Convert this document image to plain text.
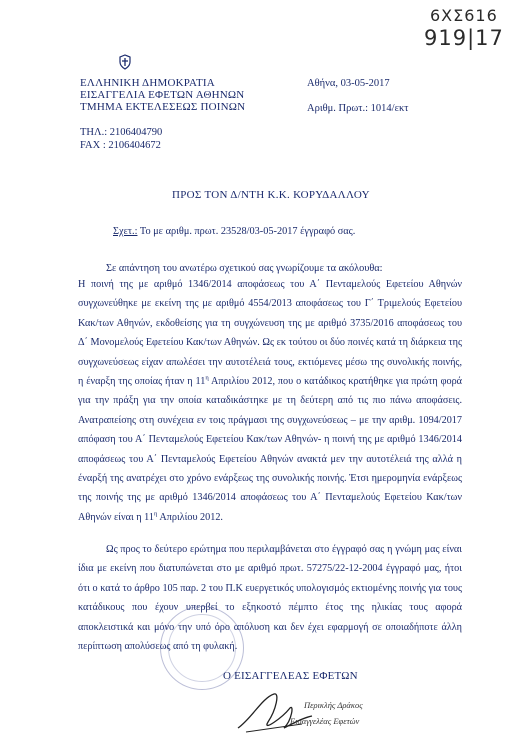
6ΧΣ616
919|17
ΕΛΛΗΝΙΚΗ ΔΗΜΟΚΡΑΤΙΑ
ΕΙΣΑΓΓΕΛΙΑ ΕΦΕΤΩΝ ΑΘΗΝΩΝ
ΤΜΗΜΑ ΕΚΤΕΛΕΣΕΩΣ ΠΟΙΝΩΝ
ΤΗΛ.: 2106404790
FAX : 2106404672
Αθήνα, 03-05-2017
Αριθμ. Πρωτ.: 1014/εκτ
ΠΡΟΣ ΤΟΝ Δ/ΝΤΗ Κ.Κ. ΚΟΡΥΔΑΛΛΟΥ
Σχετ.: Το με αριθμ. πρωτ. 23528/03-05-2017 έγγραφό σας.
Σε απάντηση του ανωτέρω σχετικού σας γνωρίζουμε τα ακόλουθα:

Η ποινή της με αριθμό 1346/2014 αποφάσεως του Α΄ Πενταμελούς Εφετείου Αθηνών συγχωνεύθηκε με εκείνη της με αριθμό 4554/2013 αποφάσεως του Γ΄ Τριμελούς Εφετείου Κακ/των Αθηνών, εκδοθείσης για τη συγχώνευση της με αριθμό 3735/2016 αποφάσεως του Δ΄ Μονομελούς Εφετείου Κακ/των Αθηνών. Ως εκ τούτου οι δύο ποινές κατά τη διάρκεια της συγχωνεύσεως είχαν απωλέσει την αυτοτέλειά τους, εκτιόμενες μέσω της συνολικής ποινής, η έναρξη της οποίας ήταν η $11^\eta$ Απριλίου 2012, που ο κατάδικος κρατήθηκε για πρώτη φορά για την πράξη για την οποία καταδικάστηκε με τη δεύτερη από τις πιο πάνω αποφάσεις. Ανατραπείσης στη συνέχεια εν τοις πράγμασι της συγχωνεύσεως – με την αριθμ. 1094/2017 απόφαση του Α΄ Πενταμελούς Εφετείου Κακ/των Αθηνών- η ποινή της με αριθμό 1346/2014 αποφάσεως του Α΄ Πενταμελούς Εφετείου Αθηνών ανακτά μεν την αυτοτέλειά της αλλά η έναρξή της ανατρέχει στο χρόνο ενάρξεως της συνολικής ποινής. Έτσι ημερομηνία ενάρξεως της ποινής της με αριθμό 1346/2014 αποφάσεως του Α΄ Πενταμελούς Εφετείου Κακ/των Αθηνών είναι η $11^\eta$ Απριλίου 2012.

Ως προς το δεύτερο ερώτημα που περιλαμβάνεται στο έγγραφό σας η γνώμη μας είναι ίδια με εκείνη που διατυπώνεται στο με αριθμό πρωτ. 57275/22-12-2004 έγγραφό μας, ήτοι ότι ο κατά το άρθρο 105 παρ. 2 του Π.Κ ευεργετικός υπολογισμός εκτιομένης ποινής για τους κατάδικους που έχουν υπερβεί το εξηκοστό πέμπτο έτος της ηλικίας τους αφορά αποκλειστικά και μόνο την υπό όρο απόλυση και δεν έχει εφαρμογή σε οποιαδήποτε άλλη περίπτωση απολύσεως από τη φυλακή.

Ο ΕΙΣΑΓΓΕΛΕΑΣ ΕΦΕΤΩΝ
Περικλής Δράκος
Εισαγγελέας Εφετών
